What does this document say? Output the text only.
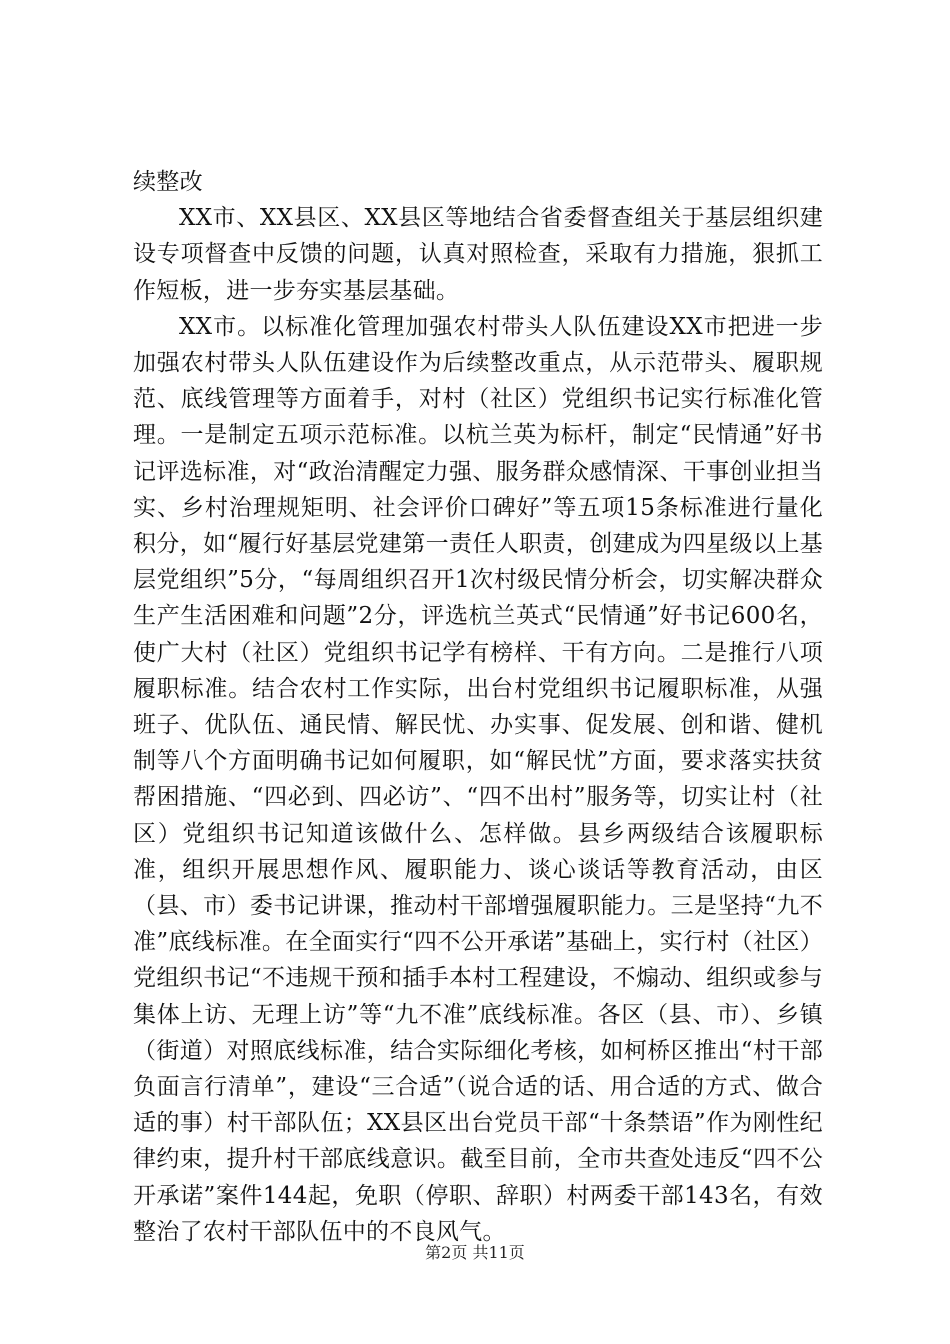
续整改

XX市、XX县区、XX县区等地结合省委督查组关于基层组织建设专项督查中反馈的问题，认真对照检查，采取有力措施，狠抓工作短板，进一步夯实基层基础。

XX市。以标准化管理加强农村带头人队伍建设XX市把进一步加强农村带头人队伍建设作为后续整改重点，从示范带头、履职规范、底线管理等方面着手，对村（社区）党组织书记实行标准化管理。一是制定五项示范标准。以杭兰英为标杆，制定“民情通”好书记评选标准，对“政治清醒定力强、服务群众感情深、干事创业担当实、乡村治理规矩明、社会评价口碑好”等五项15条标准进行量化积分，如“履行好基层党建第一责任人职责，创建成为四星级以上基层党组织”5分，“每周组织召开1次村级民情分析会，切实解决群众生产生活困难和问题”2分，评选杭兰英式“民情通”好书记600名，使广大村（社区）党组织书记学有榜样、干有方向。二是推行八项履职标准。结合农村工作实际，出台村党组织书记履职标准，从强班子、优队伍、通民情、解民忧、办实事、促发展、创和谐、健机制等八个方面明确书记如何履职，如“解民忧”方面，要求落实扶贫帮困措施、“四必到、四必访”、“四不出村”服务等，切实让村（社区）党组织书记知道该做什么、怎样做。县乡两级结合该履职标准，组织开展思想作风、履职能力、谈心谈话等教育活动，由区（县、市）委书记讲课，推动村干部增强履职能力。三是坚持“九不准”底线标准。在全面实行“四不公开承诺”基础上，实行村（社区）党组织书记“不违规干预和插手本村工程建设，不煽动、组织或参与集体上访、无理上访”等“九不准”底线标准。各区（县、市）、乡镇（街道）对照底线标准，结合实际细化考核，如柯桥区推出“村干部负面言行清单”，建设“三合适”（说合适的话、用合适的方式、做合适的事）村干部队伍；XX县区出台党员干部“十条禁语”作为刚性纪律约束，提升村干部底线意识。截至目前，全市共查处违反“四不公开承诺”案件144起，免职（停职、辞职）村两委干部143名，有效整治了农村干部队伍中的不良风气。

第2页 共11页
